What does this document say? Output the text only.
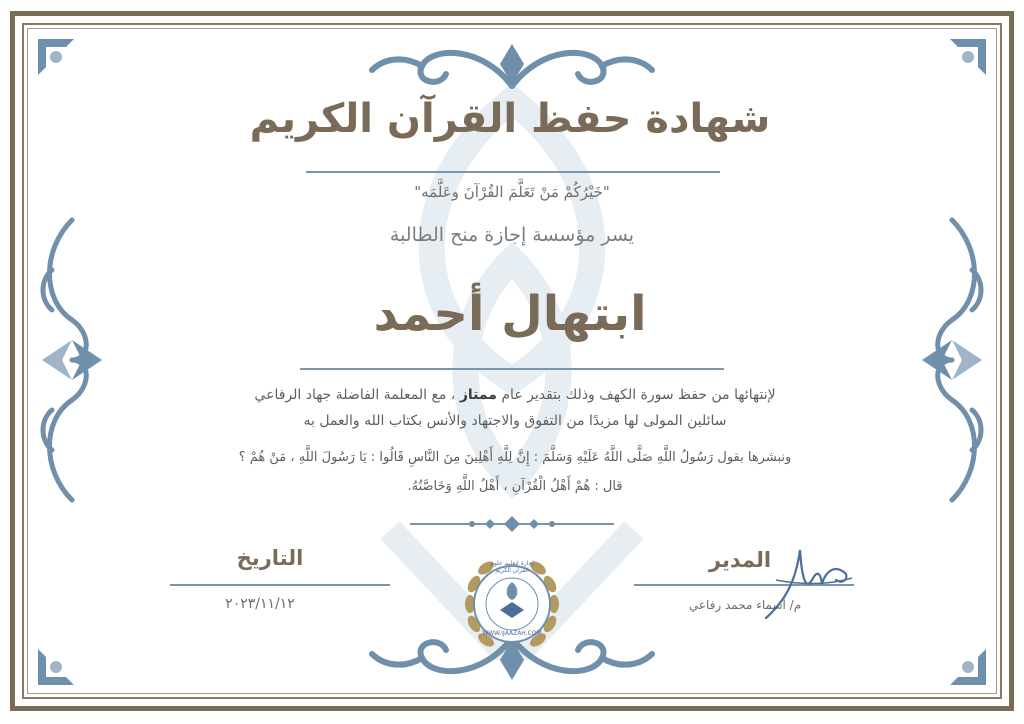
شهادة حفظ القرآن الكريم
"خَيْرُكُمْ مَنْ تَعَلَّمَ القُرْآنَ وعَلَّمَه"
يسر مؤسسة إجازة منح الطالبة
ابتهال أحمد
لإنتهائها من حفظ سورة الكهف وذلك بتقدير عام ممتاز ، مع المعلمة الفاضلة جهاد الرفاعي
سائلين المولى لها مزيدًا من التفوق والاجتهاد والأنس بكتاب الله والعمل به
ونبشرها بقول رَسُولُ اللَّهِ صَلَّى اللَّهُ عَلَيْهِ وَسَلَّمَ : إِنَّ لِلَّهِ أَهْلِينَ مِنَ النَّاسِ قَالُوا : يَا رَسُولَ اللَّهِ ، مَنْ هُمْ ؟
قال : هُمْ أَهْلُ الْقُرْآنِ ، أَهْلُ اللَّهِ وَخَاصَّتُهُ.
التاريخ
٢٠٢٣/١١/١٢
المدير
م/ أسماء محمد رفاعي
إجازة لتعليم علوم القرآن الكريم
WWW.IJAAZAH.COM
